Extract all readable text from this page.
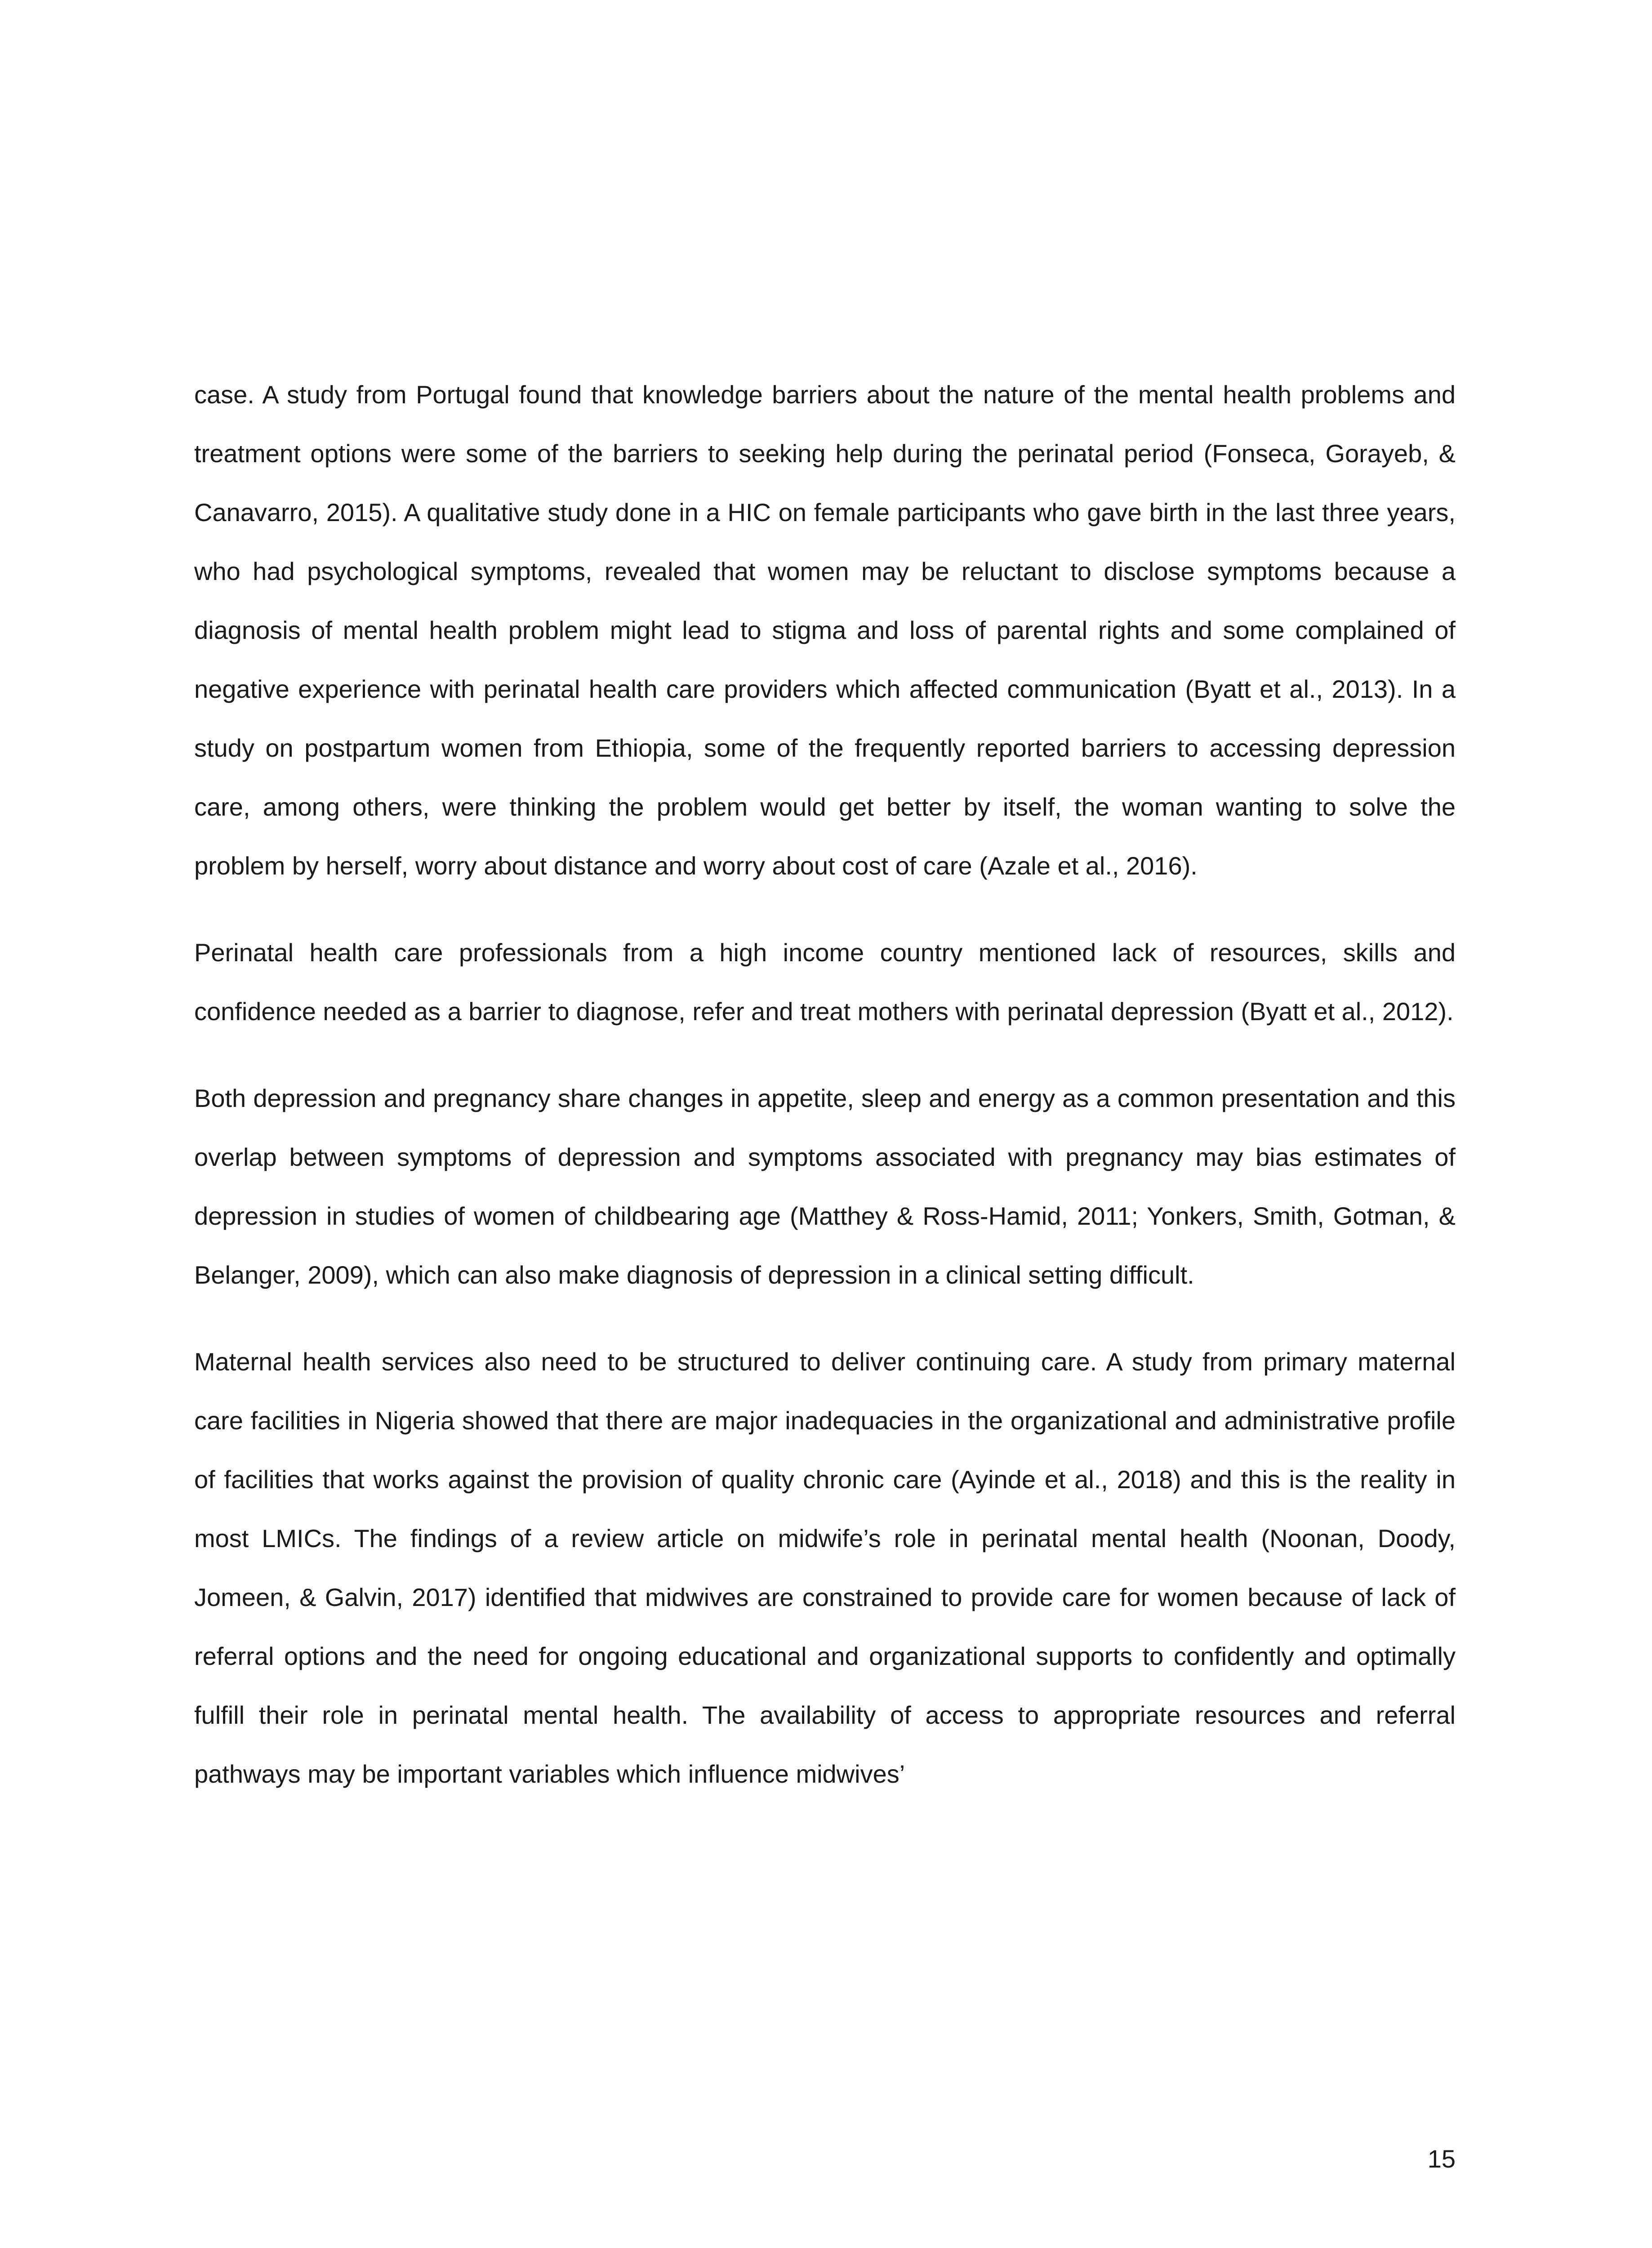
case. A study from Portugal found that knowledge barriers about the nature of the mental health problems and treatment options were some of the barriers to seeking help during the perinatal period (Fonseca, Gorayeb, & Canavarro, 2015). A qualitative study done in a HIC on female participants who gave birth in the last three years, who had psychological symptoms, revealed that women may be reluctant to disclose symptoms because a diagnosis of mental health problem might lead to stigma and loss of parental rights and some complained of negative experience with perinatal health care providers which affected communication (Byatt et al., 2013). In a study on postpartum women from Ethiopia, some of the frequently reported barriers to accessing depression care, among others, were thinking the problem would get better by itself, the woman wanting to solve the problem by herself, worry about distance and worry about cost of care (Azale et al., 2016).

Perinatal health care professionals from a high income country mentioned lack of resources, skills and confidence needed as a barrier to diagnose, refer and treat mothers with perinatal depression (Byatt et al., 2012).

Both depression and pregnancy share changes in appetite, sleep and energy as a common presentation and this overlap between symptoms of depression and symptoms associated with pregnancy may bias estimates of depression in studies of women of childbearing age (Matthey & Ross-Hamid, 2011; Yonkers, Smith, Gotman, & Belanger, 2009), which can also make diagnosis of depression in a clinical setting difficult.

Maternal health services also need to be structured to deliver continuing care. A study from primary maternal care facilities in Nigeria showed that there are major inadequacies in the organizational and administrative profile of facilities that works against the provision of quality chronic care (Ayinde et al., 2018) and this is the reality in most LMICs. The findings of a review article on midwife’s role in perinatal mental health (Noonan, Doody, Jomeen, & Galvin, 2017) identified that midwives are constrained to provide care for women because of lack of referral options and the need for ongoing educational and organizational supports to confidently and optimally fulfill their role in perinatal mental health. The availability of access to appropriate resources and referral pathways may be important variables which influence midwives’

15
